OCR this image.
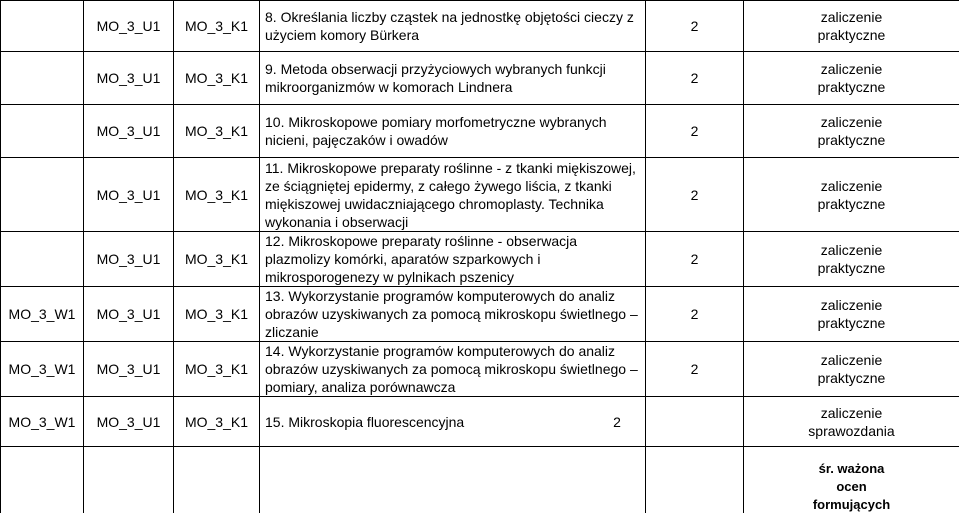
	MO_3_U1	MO_3_K1	8. Określania liczby cząstek na jednostkę objętości cieczy z użyciem komory Bürkera	2	zaliczenie praktyczne
	MO_3_U1	MO_3_K1	9. Metoda obserwacji przyżyciowych wybranych funkcji mikroorganizmów w komorach Lindnera	2	zaliczenie praktyczne
	MO_3_U1	MO_3_K1	10. Mikroskopowe pomiary morfometryczne wybranych nicieni, pajęczaków i owadów	2	zaliczenie praktyczne
	MO_3_U1	MO_3_K1	11. Mikroskopowe preparaty roślinne - z tkanki miękiszowej, ze ściągniętej epidermy, z całego żywego liścia, z tkanki miękiszowej uwidaczniającego chromoplasty. Technika wykonania i obserwacji	2	zaliczenie praktyczne
	MO_3_U1	MO_3_K1	12. Mikroskopowe preparaty roślinne - obserwacja plazmolizy komórki, aparatów szparkowych i mikrosporogenezy w pylnikach pszenicy	2	zaliczenie praktyczne
MO_3_W1	MO_3_U1	MO_3_K1	13. Wykorzystanie programów komputerowych do analiz obrazów uzyskiwanych za pomocą mikroskopu świetlnego – zliczanie	2	zaliczenie praktyczne
MO_3_W1	MO_3_U1	MO_3_K1	14. Wykorzystanie programów komputerowych do analiz obrazów uzyskiwanych za pomocą mikroskopu świetlnego – pomiary, analiza porównawcza	2	zaliczenie praktyczne
MO_3_W1	MO_3_U1	MO_3_K1	15. Mikroskopia fluorescencyjna 2		zaliczenie sprawozdania
					śr. ważona ocen formujących
